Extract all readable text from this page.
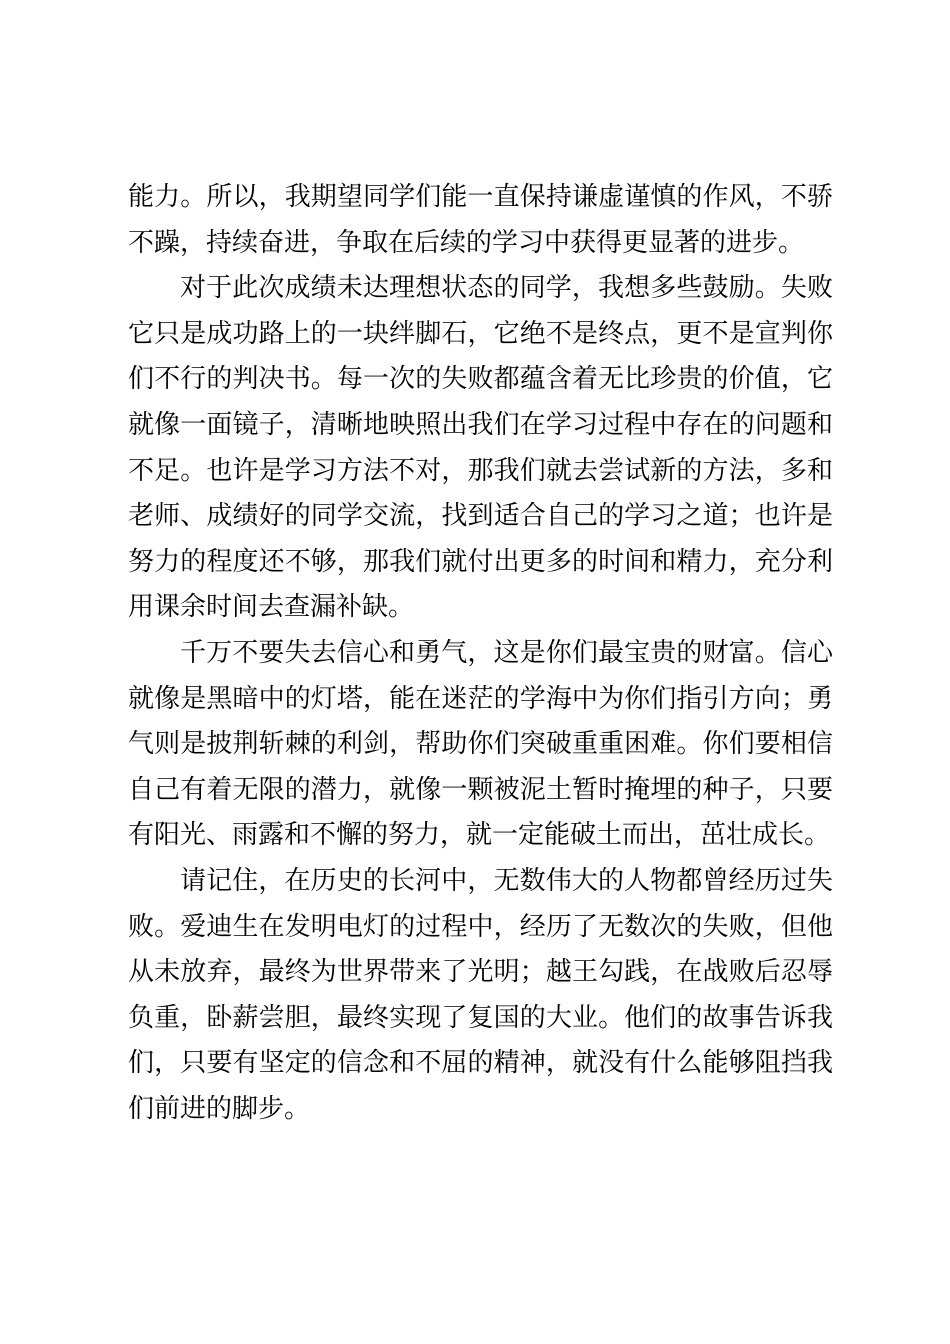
能力。所以，我期望同学们能一直保持谦虚谨慎的作风，不骄
不躁，持续奋进，争取在后续的学习中获得更显著的进步。

对于此次成绩未达理想状态的同学，我想多些鼓励。失败
它只是成功路上的一块绊脚石，它绝不是终点，更不是宣判你
们不行的判决书。每一次的失败都蕴含着无比珍贵的价值，它
就像一面镜子，清晰地映照出我们在学习过程中存在的问题和
不足。也许是学习方法不对，那我们就去尝试新的方法，多和
老师、成绩好的同学交流，找到适合自己的学习之道；也许是
努力的程度还不够，那我们就付出更多的时间和精力，充分利
用课余时间去查漏补缺。

千万不要失去信心和勇气，这是你们最宝贵的财富。信心
就像是黑暗中的灯塔，能在迷茫的学海中为你们指引方向；勇
气则是披荆斩棘的利剑，帮助你们突破重重困难。你们要相信
自己有着无限的潜力，就像一颗被泥土暂时掩埋的种子，只要
有阳光、雨露和不懈的努力，就一定能破土而出，茁壮成长。

请记住，在历史的长河中，无数伟大的人物都曾经历过失
败。爱迪生在发明电灯的过程中，经历了无数次的失败，但他
从未放弃，最终为世界带来了光明；越王勾践，在战败后忍辱
负重，卧薪尝胆，最终实现了复国的大业。他们的故事告诉我
们，只要有坚定的信念和不屈的精神，就没有什么能够阻挡我
们前进的脚步。
